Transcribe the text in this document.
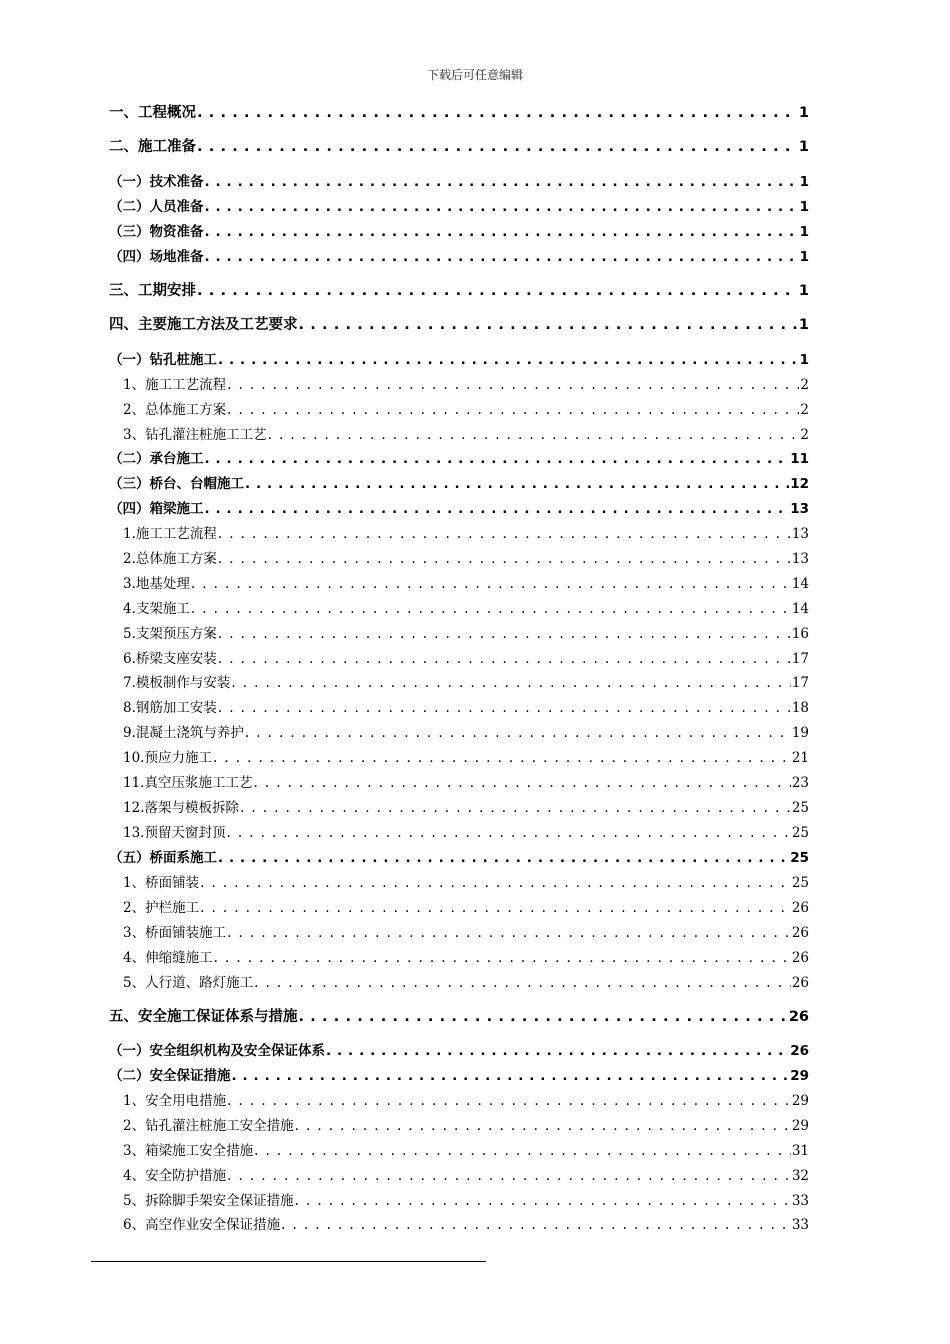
下载后可任意编辑
一、工程概况 . . .	1
二、施工准备 . . .	1
（一）技术准备 . . .	1
（二）人员准备 . . .	1
（三）物资准备 . . .	1
（四）场地准备 . . .	1
三、工期安排 . . .	1
四、主要施工方法及工艺要求 . . .	1
（一）钻孔桩施工 . . .	1
1、施工工艺流程 . . .	2
2、总体施工方案 . . .	2
3、钻孔灌注桩施工工艺 . . .	2
（二）承台施工 . . .	11
（三）桥台、台帽施工 . . .	12
（四）箱梁施工 . . .	13
1.施工工艺流程 . . .	13
2.总体施工方案 . . .	13
3.地基处理 . . .	14
4.支架施工 . . .	14
5.支架预压方案 . . .	16
6.桥梁支座安装 . . .	17
7.模板制作与安装 . . .	17
8.钢筋加工安装 . . .	18
9.混凝土浇筑与养护 . . .	19
10.预应力施工 . . .	21
11.真空压浆施工工艺 . . .	23
12.落架与模板拆除 . . .	25
13.预留天窗封顶 . . .	25
（五）桥面系施工 . . .	25
1、桥面铺装 . . .	25
2、护栏施工 . . .	26
3、桥面铺装施工 . . .	26
4、伸缩缝施工 . . .	26
5、人行道、路灯施工 . . .	26
五、安全施工保证体系与措施 . . .	26
（一）安全组织机构及安全保证体系 . . .	26
（二）安全保证措施 . . .	29
1、安全用电措施 . . .	29
2、钻孔灌注桩施工安全措施 . . .	29
3、箱梁施工安全措施 . . .	31
4、安全防护措施 . . .	32
5、拆除脚手架安全保证措施 . . .	33
6、高空作业安全保证措施 . . .	33
